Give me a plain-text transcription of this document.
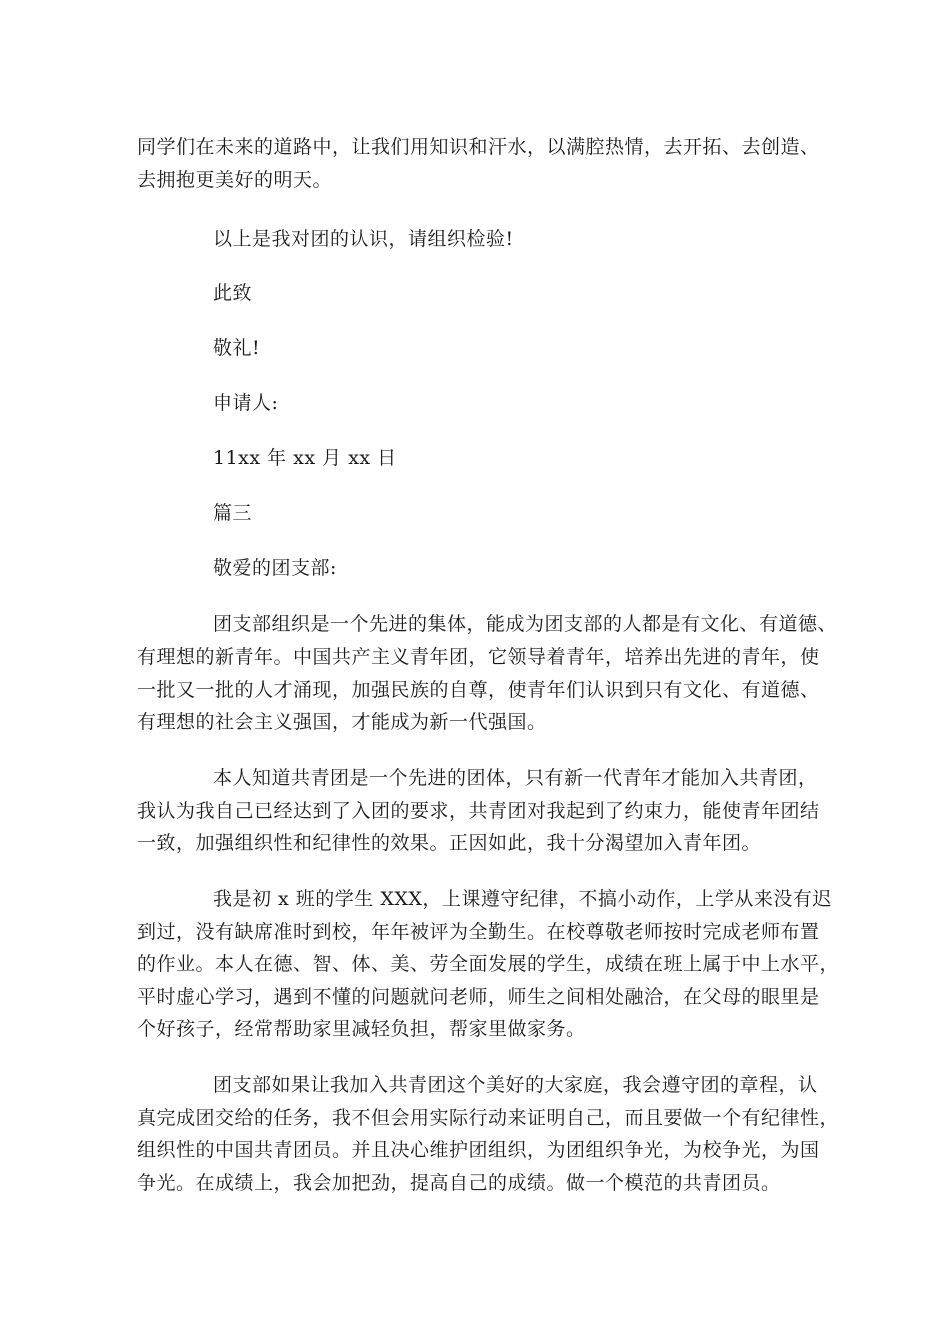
同学们在未来的道路中，让我们用知识和汗水，以满腔热情，去开拓、去创造、
去拥抱更美好的明天。
以上是我对团的认识，请组织检验!
此致
敬礼!
申请人:
11xx 年 xx 月 xx 日
篇三
敬爱的团支部:
团支部组织是一个先进的集体，能成为团支部的人都是有文化、有道德、
有理想的新青年。中国共产主义青年团，它领导着青年，培养出先进的青年，使
一批又一批的人才涌现，加强民族的自尊，使青年们认识到只有文化、有道德、
有理想的社会主义强国，才能成为新一代强国。
本人知道共青团是一个先进的团体，只有新一代青年才能加入共青团，
我认为我自己已经达到了入团的要求，共青团对我起到了约束力，能使青年团结
一致，加强组织性和纪律性的效果。正因如此，我十分渴望加入青年团。
我是初 x 班的学生 XXX，上课遵守纪律，不搞小动作，上学从来没有迟
到过，没有缺席准时到校，年年被评为全勤生。在校尊敬老师按时完成老师布置
的作业。本人在德、智、体、美、劳全面发展的学生，成绩在班上属于中上水平，
平时虚心学习，遇到不懂的问题就问老师，师生之间相处融洽，在父母的眼里是
个好孩子，经常帮助家里减轻负担，帮家里做家务。
团支部如果让我加入共青团这个美好的大家庭，我会遵守团的章程，认
真完成团交给的任务，我不但会用实际行动来证明自己，而且要做一个有纪律性，
组织性的中国共青团员。并且决心维护团组织，为团组织争光，为校争光，为国
争光。在成绩上，我会加把劲，提高自己的成绩。做一个模范的共青团员。
